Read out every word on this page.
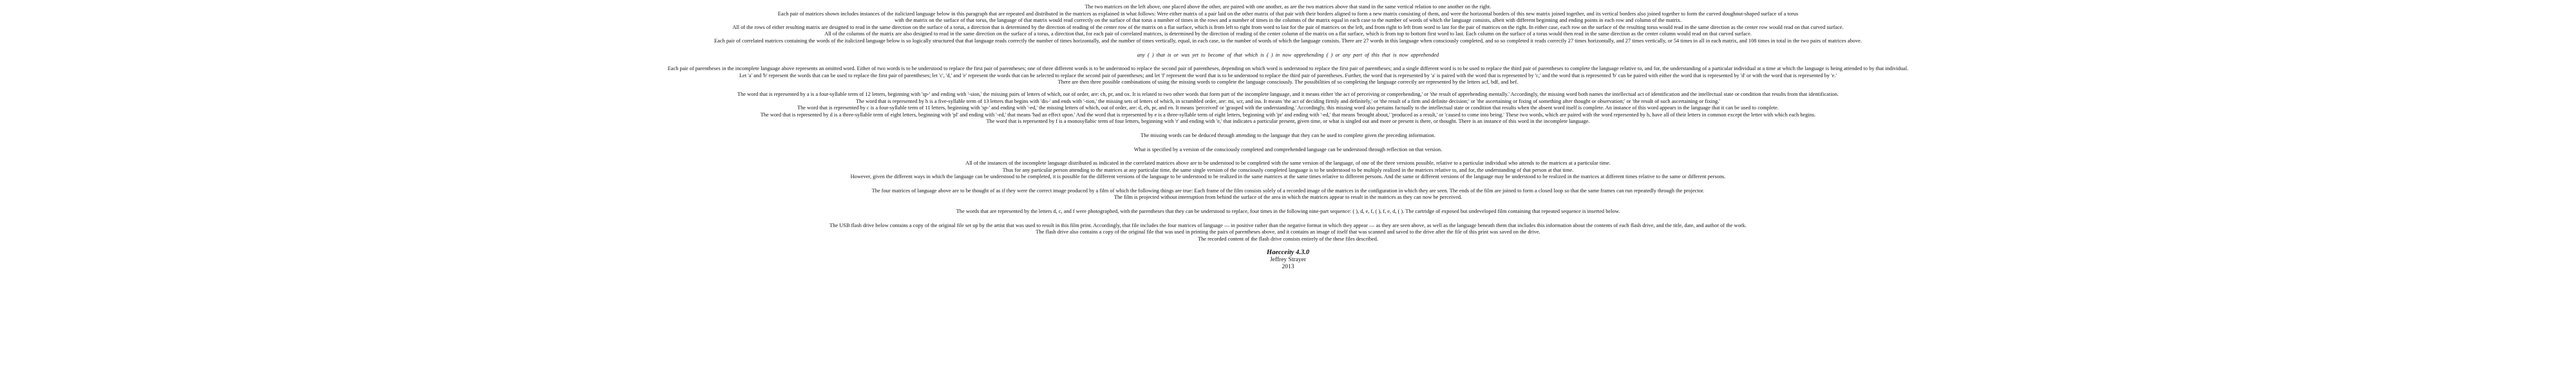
The two matrices on the left above, one placed above the other, are paired with one another, as are the two matrices above that stand in the same vertical relation to one another on the right.
Each pair of matrices shown includes instances of the italicized language below in this paragraph that are repeated and distributed in the matrices as explained in what follows: Were either matrix of a pair laid on the other matrix of that pair with their borders aligned to form a new matrix consisting of them, and were the horizontal borders of this new matrix joined together, and its vertical borders also joined together to form the curved doughnut-shaped surface of a torus
with the matrix on the surface of that torus, the language of that matrix would read correctly on the surface of that torus a number of times in the rows and a number of times in the columns of the matrix equal in each case to the number of words of which the language consists, albeit with different beginning and ending points in each row and column of the matrix.
All of the rows of either resulting matrix are designed to read in the same direction on the surface of a torus, a direction that is determined by the direction of reading of the center row of the matrix on a flat surface, which is from left to right from word to last for the pair of matrices on the left, and from right to left from word to last for the pair of matrices on the right. In either case, each row on the surface of the resulting torus would read in the same direction as the center row would read on that curved surface.
All of the columns of the matrix are also designed to read in the same direction on the surface of a torus, a direction that, for each pair of correlated matrices, is determined by the direction of reading of the center column of the matrix on a flat surface, which is from top to bottom first word to last. Each column on the surface of a torus would then read in the same direction as the center column would read on that curved surface.
Each pair of correlated matrices containing the words of the italicized language below is so logically structured that that language reads correctly the number of times horizontally, and the number of times vertically, equal, in each case, to the number of words of which the language consists. There are 27 words in this language when consciously completed, and so so completed it reads correctly 27 times horizontally, and 27 times vertically, or 54 times in all in each matrix, and 108 times in total in the two pairs of matrices above.
any ( ) that is or was yet to become of that which is ( ) in now apprehending ( ) or any part of this that is now apprehended
Each pair of parentheses in the incomplete language above represents an omitted word. Either of two words is to be understood to replace the first pair of parentheses; one of three different words is to be understood to replace the second pair of parentheses, depending on which word is understood to replace the first pair of parentheses; and a single different word is to be used to replace the third pair of parentheses to complete the language relative to, and for, the understanding of a particular individual at a time at which the language is being attended to by that individual.
Let 'a' and 'b' represent the words that can be used to replace the first pair of parentheses; let 'c', 'd,' and 'e' represent the words that can be selected to replace the second pair of parentheses; and let 'f' represent the word that is to be understood to replace the third pair of parentheses. Further, the word that is represented by 'a' is paired with the word that is represented by 'c,' and the word that is represented 'b' can be paired with either the word that is represented by 'd' or with the word that is represented by 'e.'
There are then three possible combinations of using the missing words to complete the language consciously. The possibilities of so completing the language correctly are represented by the letters acf, bdf, and bef.
The word that is represented by a is a four-syllable term of 12 letters, beginning with 'sp-' and ending with '-sion,' the missing pairs of letters of which, out of order, are: ch, pr, and ox. It is related to two other words that form part of the incomplete language, and it means either 'the act of perceiving or comprehending,' or 'the result of apprehending mentally.' Accordingly, the missing word both names the intellectual act of identification and the intellectual state or condition that results from that identification.
The word that is represented by b is a five-syllable term of 13 letters that begins with 'dis-' and ends with '-tion,' the missing sets of letters of which, in scrambled order, are: mi, scr, and ina. It means 'the act of deciding firmly and definitely,' or 'the result of a firm and definite decision;' or 'the ascertaining or fixing of something after thought or observation;' or 'the result of such ascertaining or fixing.'
The word that is represented by c is a four-syllable term of 11 letters, beginning with 'sp-' and ending with '-ed,' the missing letters of which, out of order, are: d, eh, pr, and en. It means 'perceived' or 'grasped with the understanding.' Accordingly, this missing word also pertains factually to the intellectual state or condition that results when the absent word itself is complete. An instance of this word appears in the language that it can be used to complete.
The word that is represented by d is a three-syllable term of eight letters, beginning with 'pl' and ending with '-ed,' that means 'had an effect upon.' And the word that is represented by e is a three-syllable term of eight letters, beginning with 'pr' and ending with '-ed,' that means 'brought about,' 'produced as a result,' or 'caused to come into being.' These two words, which are paired with the word represented by b, have all of their letters in common except the letter with which each begins.
The word that is represented by f is a monosyllabic term of four letters, beginning with 'r' and ending with 'e,' that indicates a particular present, given time, or what is singled out and more or present is there, or thought. There is an instance of this word in the incomplete language.
The missing words can be deduced through attending to the language that they can be used to complete given the preceding information.
What is specified by a version of the consciously completed and comprehended language can be understood through reflection on that version.
All of the instances of the incomplete language distributed as indicated in the correlated matrices above are to be understood to be completed with the same version of the language, of one of the three versions possible, relative to a particular individual who attends to the matrices at a particular time.
Thus for any particular person attending to the matrices at any particular time, the same single version of the consciously completed language is to be understood to be multiply realized in the matrices relative to, and for, the understanding of that person at that time.
However, given the different ways in which the language can be understood to be completed, it is possible for the different versions of the language to be understood to be realized in the same matrices at the same times relative to different persons. And the same or different versions of the language may be understood to be realized in the matrices at different times relative to the same or different persons.
The four matrices of language above are to be thought of as if they were the correct image produced by a film of which the following things are true: Each frame of the film consists solely of a recorded image of the matrices in the configuration in which they are seen. The ends of the film are joined to form a closed loop so that the same frames can run repeatedly through the projector.
The film is projected without interruption from behind the surface of the area in which the matrices appear to result in the matrices as they can now be perceived.
The words that are represented by the letters d, c, and f were photographed, with the parentheses that they can be understood to replace, four times in the following nine-part sequence: ( ), d, e, f, ( ), f, e, d, ( ). The cartridge of exposed but undeveloped film containing that repeated sequence is inserted below.
The USB flash drive below contains a copy of the original file set up by the artist that was used to result in this film print. Accordingly, that file includes the four matrices of language — in positive rather than the negative format in which they appear — as they are seen above, as well as the language beneath them that includes this information about the contents of each flash drive, and the title, date, and author of the work.
The flash drive also contains a copy of the original file that was used in printing the pairs of parentheses above, and it contains an image of itself that was scanned and saved to the drive after the file of this print was saved on the drive.
The recorded content of the flash drive consists entirely of the these files described.
Haecceity 4.3.0
Jeffrey Strayer
2013
